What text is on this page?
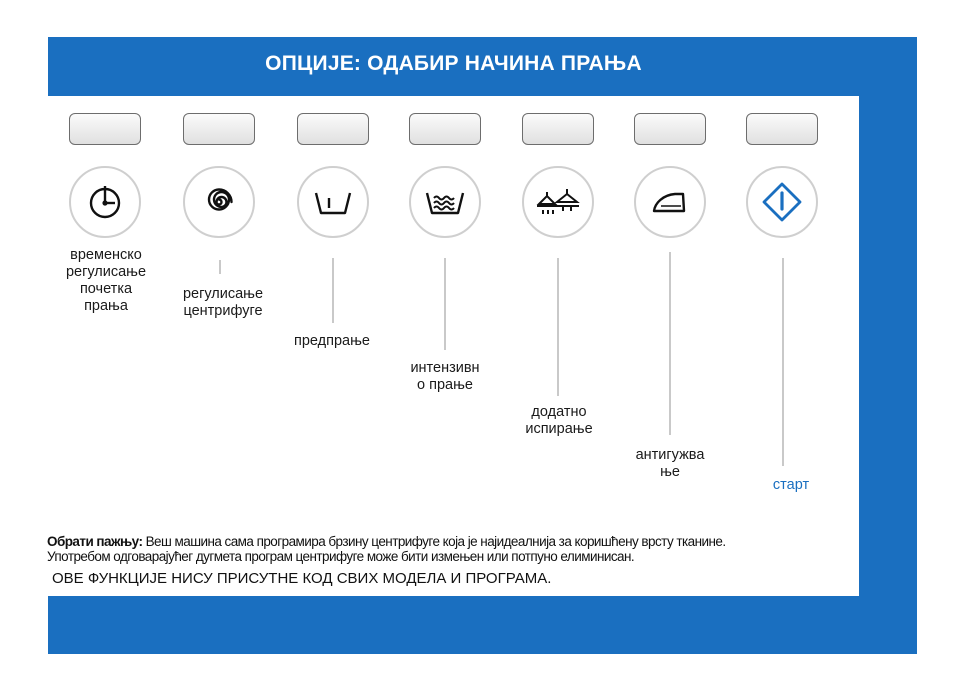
ОПЦИЈЕ: ОДАБИР НАЧИНА ПРАЊА
временско
регулисање
почетка
прања
регулисање
центрифуге
предпрање
интензивн
о прање
додатно
испирање
антигужва
ње
старт
Обрати пажњу: Веш машина сама програмира брзину центрифуге која је најидеалнија за коришћену врсту тканине.
Употребом одговарајућег дугмета програм центрифуге може бити измењен или потпуно елиминисан.
ОВЕ ФУНКЦИЈЕ НИСУ ПРИСУТНЕ КОД СВИХ МОДЕЛА И ПРОГРАМА.
